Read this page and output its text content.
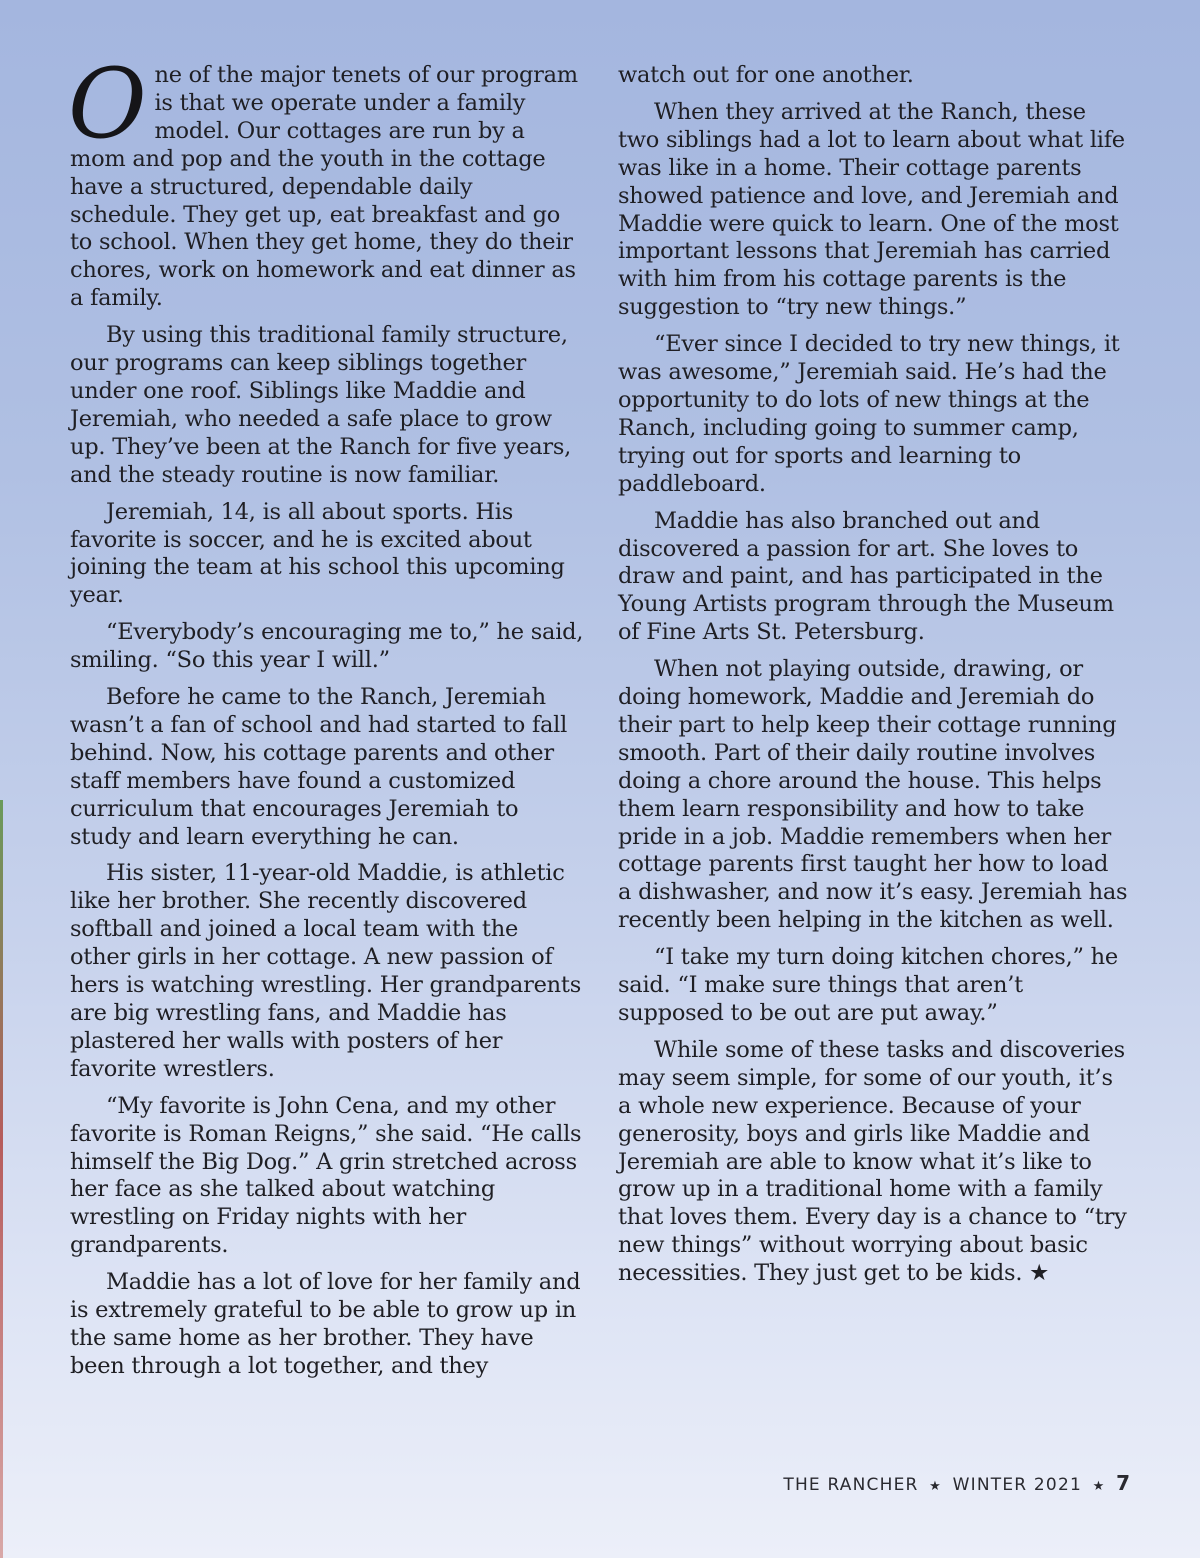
One of the major tenets of our program is that we operate under a family model. Our cottages are run by a mom and pop and the youth in the cottage have a structured, dependable daily schedule. They get up, eat breakfast and go to school. When they get home, they do their chores, work on homework and eat dinner as a family.

By using this traditional family structure, our programs can keep siblings together under one roof. Siblings like Maddie and Jeremiah, who needed a safe place to grow up. They’ve been at the Ranch for five years, and the steady routine is now familiar.

Jeremiah, 14, is all about sports. His favorite is soccer, and he is excited about joining the team at his school this upcoming year.

“Everybody’s encouraging me to,” he said, smiling. “So this year I will.”

Before he came to the Ranch, Jeremiah wasn’t a fan of school and had started to fall behind. Now, his cottage parents and other staff members have found a customized curriculum that encourages Jeremiah to study and learn everything he can.

His sister, 11-year-old Maddie, is athletic like her brother. She recently discovered softball and joined a local team with the other girls in her cottage. A new passion of hers is watching wrestling. Her grandparents are big wrestling fans, and Maddie has plastered her walls with posters of her favorite wrestlers.

“My favorite is John Cena, and my other favorite is Roman Reigns,” she said. “He calls himself the Big Dog.” A grin stretched across her face as she talked about watching wrestling on Friday nights with her grandparents.

Maddie has a lot of love for her family and is extremely grateful to be able to grow up in the same home as her brother. They have been through a lot together, and they

watch out for one another.

When they arrived at the Ranch, these two siblings had a lot to learn about what life was like in a home. Their cottage parents showed patience and love, and Jeremiah and Maddie were quick to learn. One of the most important lessons that Jeremiah has carried with him from his cottage parents is the suggestion to “try new things.”

“Ever since I decided to try new things, it was awesome,” Jeremiah said. He’s had the opportunity to do lots of new things at the Ranch, including going to summer camp, trying out for sports and learning to paddleboard.

Maddie has also branched out and discovered a passion for art. She loves to draw and paint, and has participated in the Young Artists program through the Museum of Fine Arts St. Petersburg.

When not playing outside, drawing, or doing homework, Maddie and Jeremiah do their part to help keep their cottage running smooth. Part of their daily routine involves doing a chore around the house. This helps them learn responsibility and how to take pride in a job. Maddie remembers when her cottage parents first taught her how to load a dishwasher, and now it’s easy. Jeremiah has recently been helping in the kitchen as well.

“I take my turn doing kitchen chores,” he said. “I make sure things that aren’t supposed to be out are put away.”

While some of these tasks and discoveries may seem simple, for some of our youth, it’s a whole new experience. Because of your generosity, boys and girls like Maddie and Jeremiah are able to know what it’s like to grow up in a traditional home with a family that loves them. Every day is a chance to “try new things” without worrying about basic necessities. They just get to be kids. ★

THE RANCHER ★ WINTER 2021 ★ 7
